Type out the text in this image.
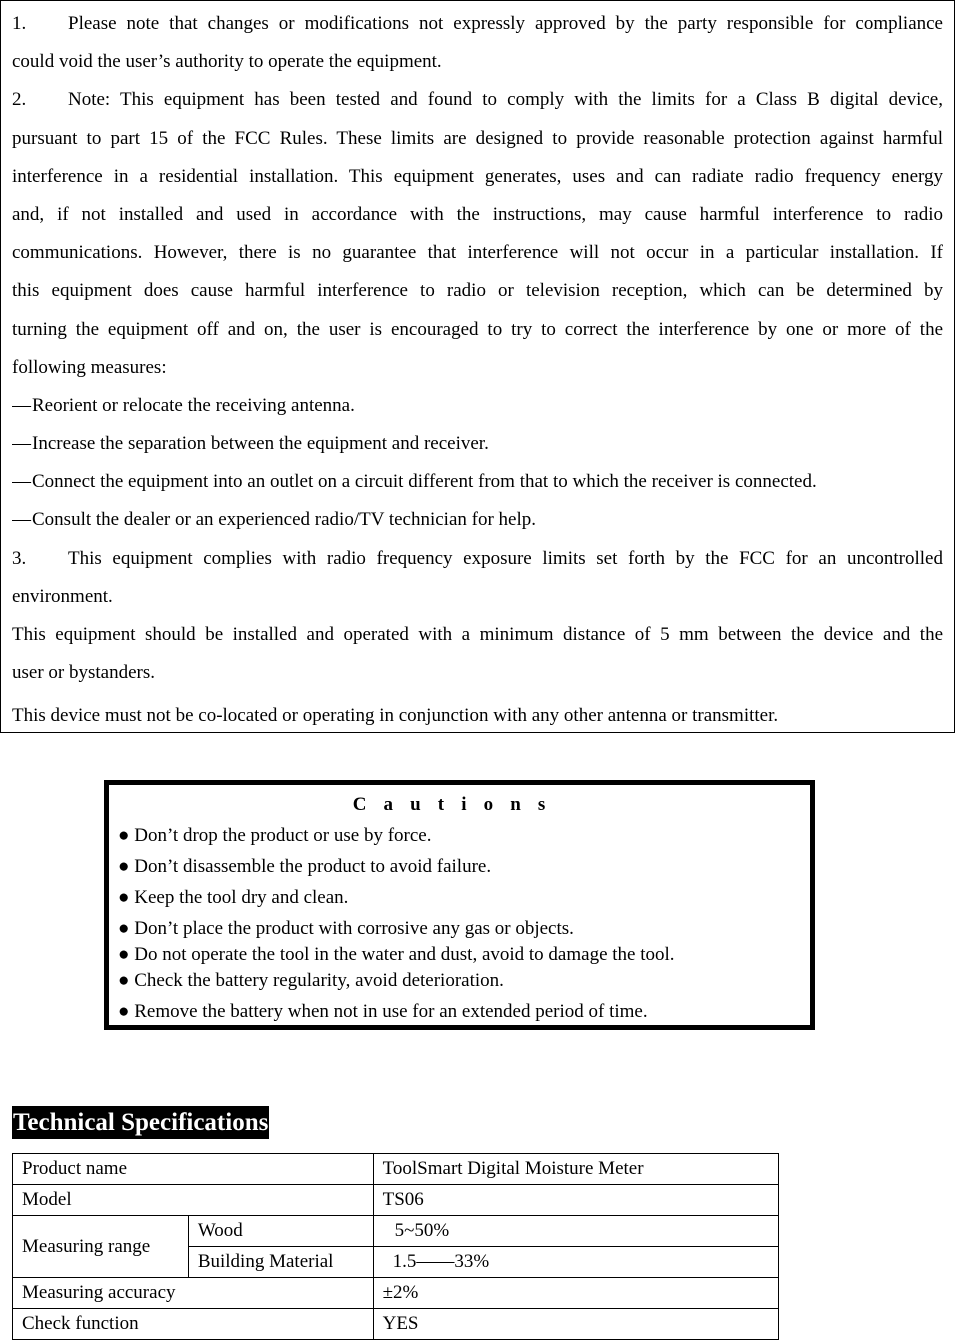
1. Please note that changes or modifications not expressly approved by the party responsible for compliance
could void the user’s authority to operate the equipment.
2. Note: This equipment has been tested and found to comply with the limits for a Class B digital device,
pursuant to part 15 of the FCC Rules. These limits are designed to provide reasonable protection against harmful
interference in a residential installation. This equipment generates, uses and can radiate radio frequency energy
and, if not installed and used in accordance with the instructions, may cause harmful interference to radio
communications. However, there is no guarantee that interference will not occur in a particular installation. If
this equipment does cause harmful interference to radio or television reception, which can be determined by
turning the equipment off and on, the user is encouraged to try to correct the interference by one or more of the
following measures:
—Reorient or relocate the receiving antenna.
—Increase the separation between the equipment and receiver.
—Connect the equipment into an outlet on a circuit different from that to which the receiver is connected.
—Consult the dealer or an experienced radio/TV technician for help.
3. This equipment complies with radio frequency exposure limits set forth by the FCC for an uncontrolled
environment.
This equipment should be installed and operated with a minimum distance of 5 mm between the device and the
user or bystanders.
This device must not be co-located or operating in conjunction with any other antenna or transmitter.
Cautions
● Don’t drop the product or use by force.
● Don’t disassemble the product to avoid failure.
● Keep the tool dry and clean.
● Don’t place the product with corrosive any gas or objects.
● Do not operate the tool in the water and dust, avoid to damage the tool.
● Check the battery regularity, avoid deterioration.
● Remove the battery when not in use for an extended period of time.
Technical Specifications
Product name		ToolSmart Digital Moisture Meter
Model		TS06
Measuring range	Wood	5~50%
	Building Material	1.5——33%
Measuring accuracy		±2%
Check function		YES
